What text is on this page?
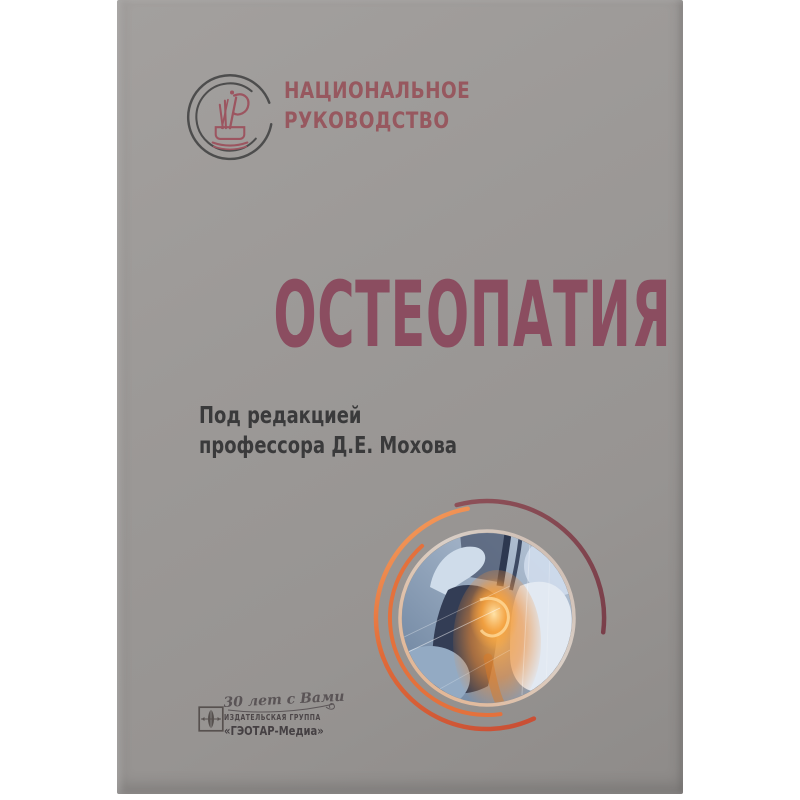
НАЦИОНАЛЬНОЕ
РУКОВОДСТВО
ОСТЕОПАТИЯ
Под редакцией
профессора Д.Е. Мохова
30 лет с Вами
ИЗДАТЕЛЬСКАЯ ГРУППА
«ГЭОТАР-Медиа»
